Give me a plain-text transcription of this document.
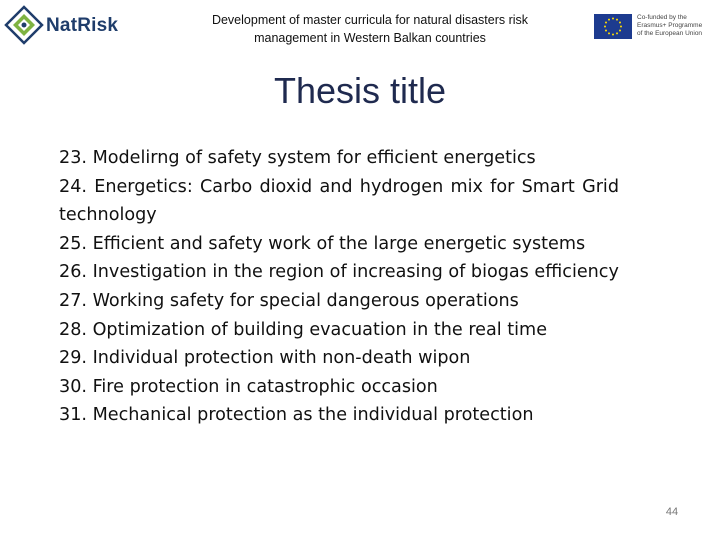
NatRisk	Development of master curricula for natural disasters risk
management in Western Balkan countries
Co-funded by the
Erasmus+ Programme
of the European Union
Thesis title

23. Modelirng of safety system for efficient energetics

24. Energetics: Carbo dioxid and hydrogen mix for Smart Grid technology

25. Efficient and safety work of the large energetic systems

26. Investigation in the region of increasing of biogas efficiency

27. Working safety for special dangerous operations

28. Optimization of building evacuation in the real time

29. Individual protection with non-death wipon

30. Fire protection in catastrophic occasion

31. Mechanical protection as the individual protection

44
